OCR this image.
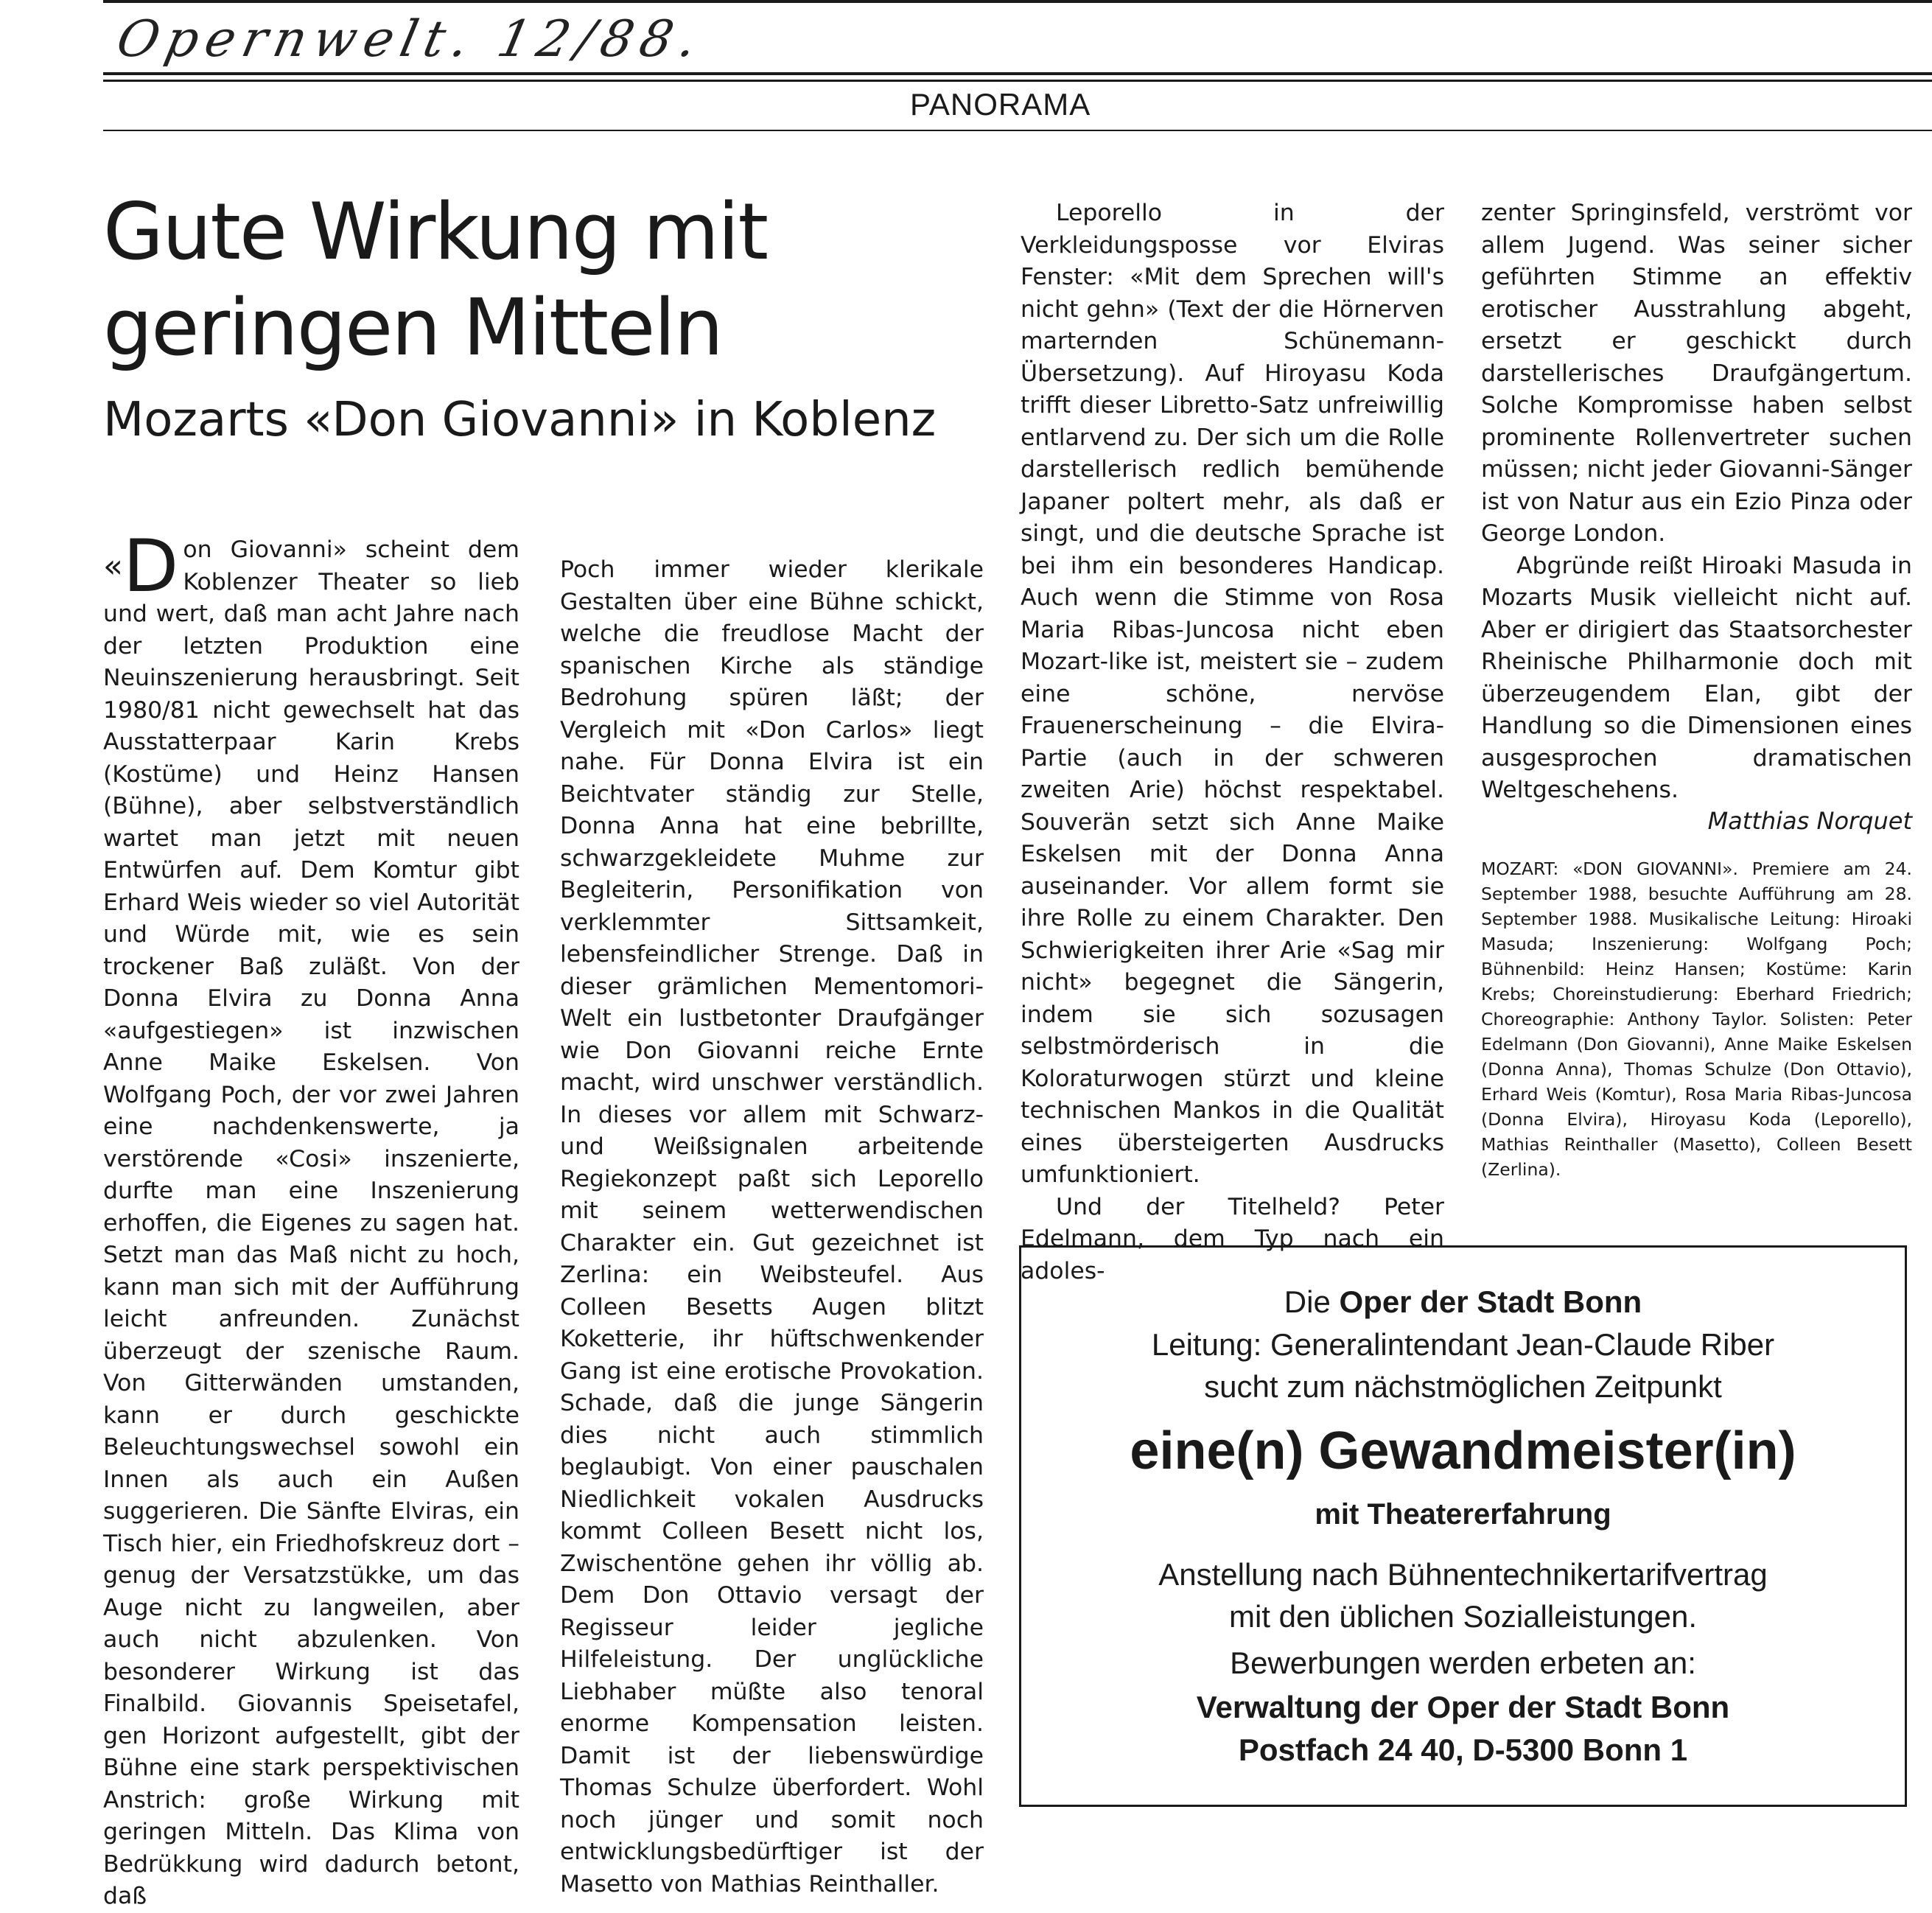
Opernwelt. 12/88.
PANORAMA
Gute Wirkung mit geringen Mitteln
Mozarts «Don Giovanni» in Koblenz

«D on Giovanni» scheint dem Koblenzer Theater so lieb und wert, daß man acht Jahre nach der letzten Produktion eine Neuinszenierung herausbringt. Seit 1980/81 nicht gewechselt hat das Ausstatterpaar Karin Krebs (Kostüme) und Heinz Hansen (Bühne), aber selbstverständlich wartet man jetzt mit neuen Entwürfen auf. Dem Komtur gibt Erhard Weis wieder so viel Autorität und Würde mit, wie es sein trockener Baß zuläßt. Von der Donna Elvira zu Donna Anna «aufgestiegen» ist inzwischen Anne Maike Eskelsen. Von Wolfgang Poch, der vor zwei Jahren eine nachdenkenswerte, ja verstörende «Cosi» inszenierte, durfte man eine Inszenierung erhoffen, die Eigenes zu sagen hat. Setzt man das Maß nicht zu hoch, kann man sich mit der Aufführung leicht anfreunden. Zunächst überzeugt der szenische Raum. Von Gitterwänden umstanden, kann er durch geschickte Beleuchtungswechsel sowohl ein Innen als auch ein Außen suggerieren. Die Sänfte Elviras, ein Tisch hier, ein Friedhofskreuz dort – genug der Versatzstükke, um das Auge nicht zu langweilen, aber auch nicht abzulenken. Von besonderer Wirkung ist das Finalbild. Giovannis Speisetafel, gen Horizont aufgestellt, gibt der Bühne eine stark perspektivischen Anstrich: große Wirkung mit geringen Mitteln. Das Klima von Bedrükkung wird dadurch betont, daß

Poch immer wieder klerikale Gestalten über eine Bühne schickt, welche die freudlose Macht der spanischen Kirche als ständige Bedrohung spüren läßt; der Vergleich mit «Don Carlos» liegt nahe. Für Donna Elvira ist ein Beichtvater ständig zur Stelle, Donna Anna hat eine bebrillte, schwarzgekleidete Muhme zur Begleiterin, Personifikation von verklemmter Sittsamkeit, lebensfeindlicher Strenge. Daß in dieser grämlichen Mementomori-Welt ein lustbetonter Draufgänger wie Don Giovanni reiche Ernte macht, wird unschwer verständlich. In dieses vor allem mit Schwarz- und Weißsignalen arbeitende Regiekonzept paßt sich Leporello mit seinem wetterwendischen Charakter ein. Gut gezeichnet ist Zerlina: ein Weibsteufel. Aus Colleen Besetts Augen blitzt Koketterie, ihr hüftschwenkender Gang ist eine erotische Provokation. Schade, daß die junge Sängerin dies nicht auch stimmlich beglaubigt. Von einer pauschalen Niedlichkeit vokalen Ausdrucks kommt Colleen Besett nicht los, Zwischentöne gehen ihr völlig ab. Dem Don Ottavio versagt der Regisseur leider jegliche Hilfeleistung. Der unglückliche Liebhaber müßte also tenoral enorme Kompensation leisten. Damit ist der liebenswürdige Thomas Schulze überfordert. Wohl noch jünger und somit noch entwicklungsbedürftiger ist der Masetto von Mathias Reinthaller.

Leporello in der Verkleidungsposse vor Elviras Fenster: «Mit dem Sprechen will's nicht gehn» (Text der die Hörnerven marternden Schünemann-Übersetzung). Auf Hiroyasu Koda trifft dieser Libretto-Satz unfreiwillig entlarvend zu. Der sich um die Rolle darstellerisch redlich bemühende Japaner poltert mehr, als daß er singt, und die deutsche Sprache ist bei ihm ein besonderes Handicap. Auch wenn die Stimme von Rosa Maria Ribas-Juncosa nicht eben Mozart-like ist, meistert sie – zudem eine schöne, nervöse Frauenerscheinung – die Elvira-Partie (auch in der schweren zweiten Arie) höchst respektabel. Souverän setzt sich Anne Maike Eskelsen mit der Donna Anna auseinander. Vor allem formt sie ihre Rolle zu einem Charakter. Den Schwierigkeiten ihrer Arie «Sag mir nicht» begegnet die Sängerin, indem sie sich sozusagen selbstmörderisch in die Koloraturwogen stürzt und kleine technischen Mankos in die Qualität eines übersteigerten Ausdrucks umfunktioniert.

Und der Titelheld? Peter Edelmann, dem Typ nach ein adoles-

zenter Springinsfeld, verströmt vor allem Jugend. Was seiner sicher geführten Stimme an effektiv erotischer Ausstrahlung abgeht, ersetzt er geschickt durch darstellerisches Draufgängertum. Solche Kompromisse haben selbst prominente Rollenvertreter suchen müssen; nicht jeder Giovanni-Sänger ist von Natur aus ein Ezio Pinza oder George London.

Abgründe reißt Hiroaki Masuda in Mozarts Musik vielleicht nicht auf. Aber er dirigiert das Staatsorchester Rheinische Philharmonie doch mit überzeugendem Elan, gibt der Handlung so die Dimensionen eines ausgesprochen dramatischen Weltgeschehens.

Matthias Norquet

MOZART: «DON GIOVANNI». Premiere am 24. September 1988, besuchte Aufführung am 28. September 1988. Musikalische Leitung: Hiroaki Masuda; Inszenierung: Wolfgang Poch; Bühnenbild: Heinz Hansen; Kostüme: Karin Krebs; Choreinstudierung: Eberhard Friedrich; Choreographie: Anthony Taylor. Solisten: Peter Edelmann (Don Giovanni), Anne Maike Eskelsen (Donna Anna), Thomas Schulze (Don Ottavio), Erhard Weis (Komtur), Rosa Maria Ribas-Juncosa (Donna Elvira), Hiroyasu Koda (Leporello), Mathias Reinthaller (Masetto), Colleen Besett (Zerlina).

Die Oper der Stadt Bonn
Leitung: Generalintendant Jean-Claude Riber
sucht zum nächstmöglichen Zeitpunkt
eine(n) Gewandmeister(in)
mit Theatererfahrung
Anstellung nach Bühnentechnikertarifvertrag
mit den üblichen Sozialleistungen.
Bewerbungen werden erbeten an:
Verwaltung der Oper der Stadt Bonn
Postfach 24 40, D-5300 Bonn 1
